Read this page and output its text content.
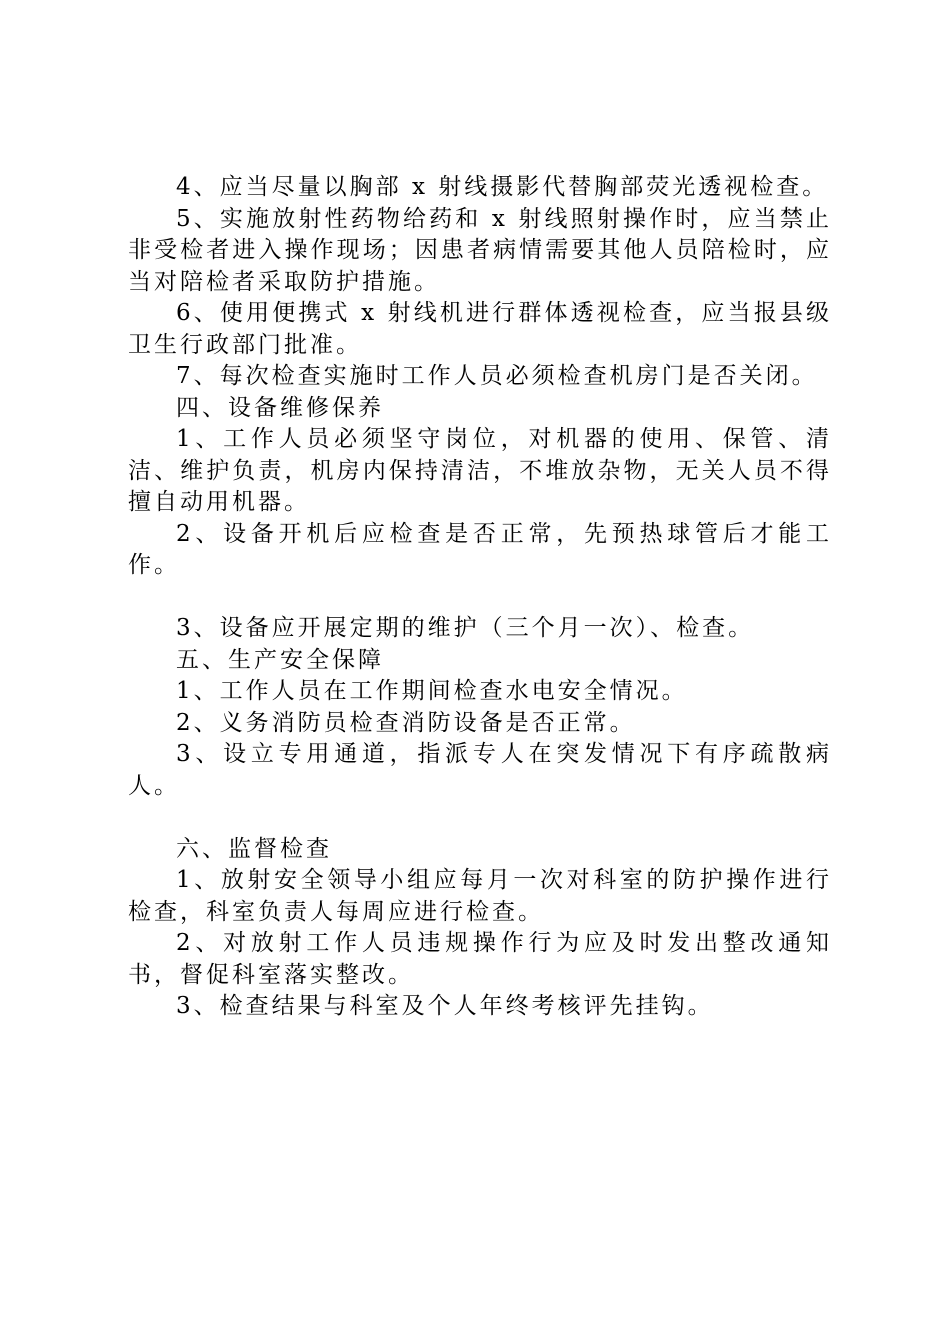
4、应当尽量以胸部 x 射线摄影代替胸部荧光透视检查。

5、实施放射性药物给药和 x 射线照射操作时，应当禁止非受检者进入操作现场；因患者病情需要其他人员陪检时，应当对陪检者采取防护措施。

6、使用便携式 x 射线机进行群体透视检查，应当报县级卫生行政部门批准。

7、每次检查实施时工作人员必须检查机房门是否关闭。

四、设备维修保养

1、工作人员必须坚守岗位，对机器的使用、保管、清洁、维护负责，机房内保持清洁，不堆放杂物，无关人员不得擅自动用机器。

2、设备开机后应检查是否正常，先预热球管后才能工作。

3、设备应开展定期的维护（三个月一次）、检查。

五、生产安全保障

1、工作人员在工作期间检查水电安全情况。

2、义务消防员检查消防设备是否正常。

3、设立专用通道，指派专人在突发情况下有序疏散病人。

六、监督检查

1、放射安全领导小组应每月一次对科室的防护操作进行检查，科室负责人每周应进行检查。

2、对放射工作人员违规操作行为应及时发出整改通知书，督促科室落实整改。

3、检查结果与科室及个人年终考核评先挂钩。
